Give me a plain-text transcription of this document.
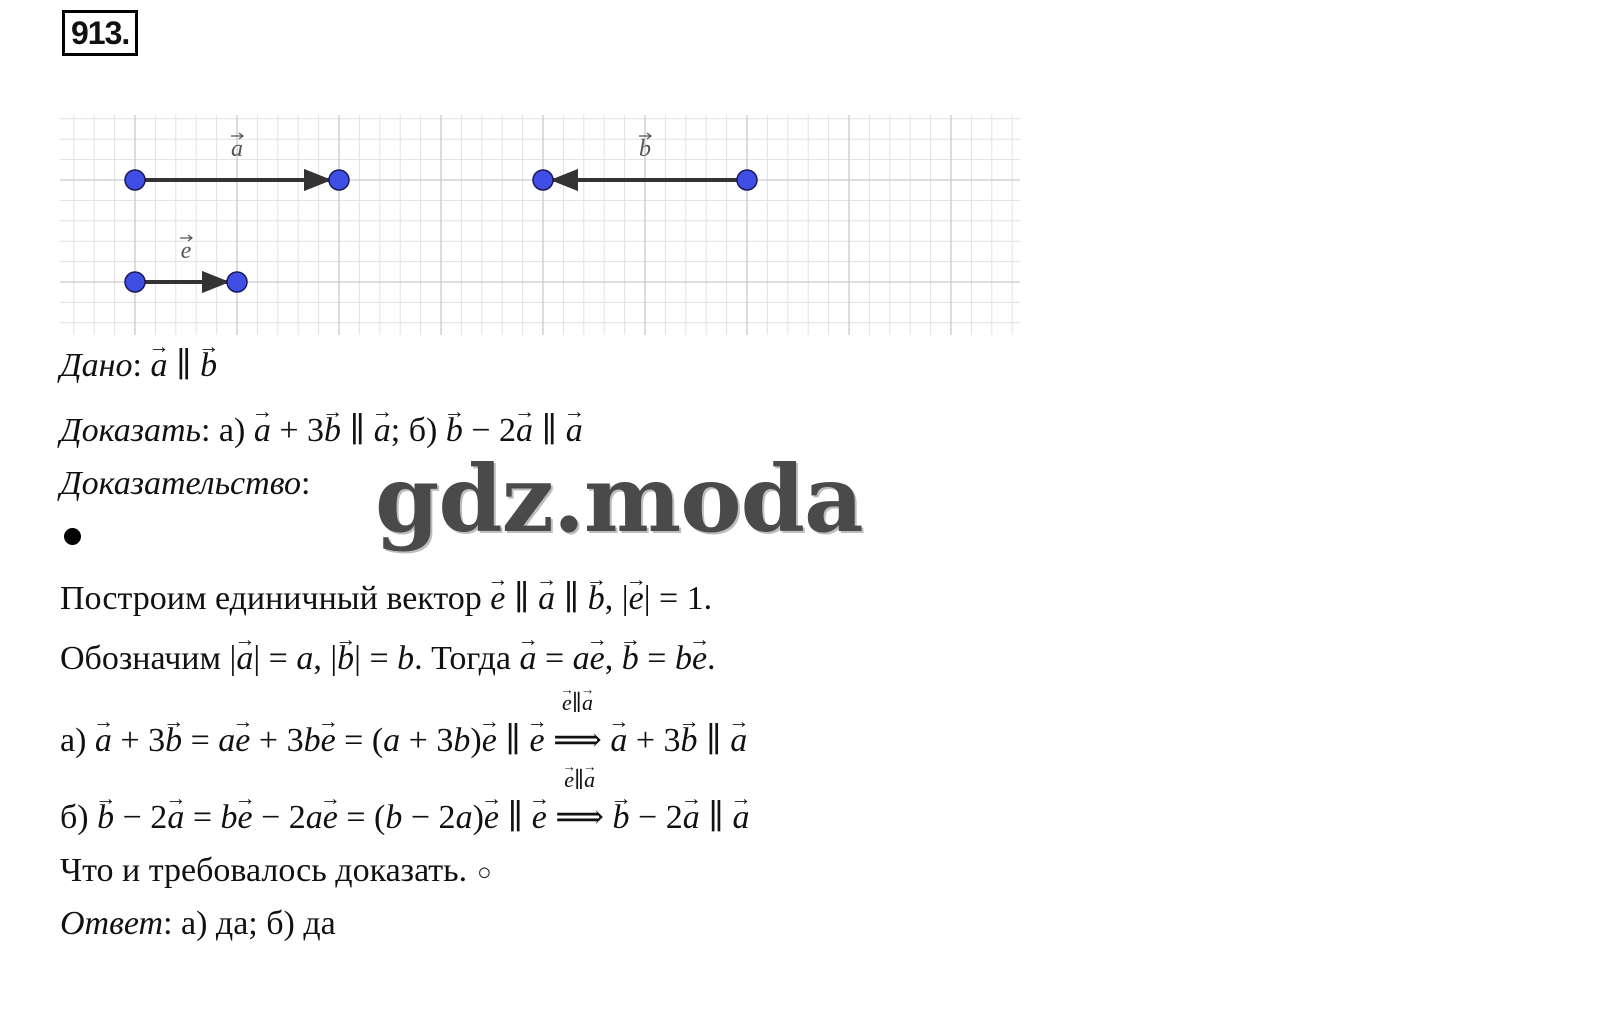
913.
a	b
e
Дано: → a ∥ → b
Доказать: а) → a + 3→ b ∥ → a; б) → b − 2→ a ∥ → a
Доказательство: gdz.moda
Построим единичный вектор → e ∥ → a ∥ → b, |→ e| = 1.
Обозначим |→ a| = a, |→ b| = b. Тогда → a = a→ e, → b = b→ e.
а) → a + 3→ b = a→ e + 3b→ e = (a + 3b)→ e ∥ → e ⟹
→ e∥→ a
→ a + 3→ b ∥ → a
б) → b − 2→ a = b→ e − 2a→ e = (b − 2a)→ e ∥ → e ⟹
→ e∥→ a
→ b − 2→ a ∥ → a
Что и требовалось доказать. ○
Ответ: а) да; б) да
